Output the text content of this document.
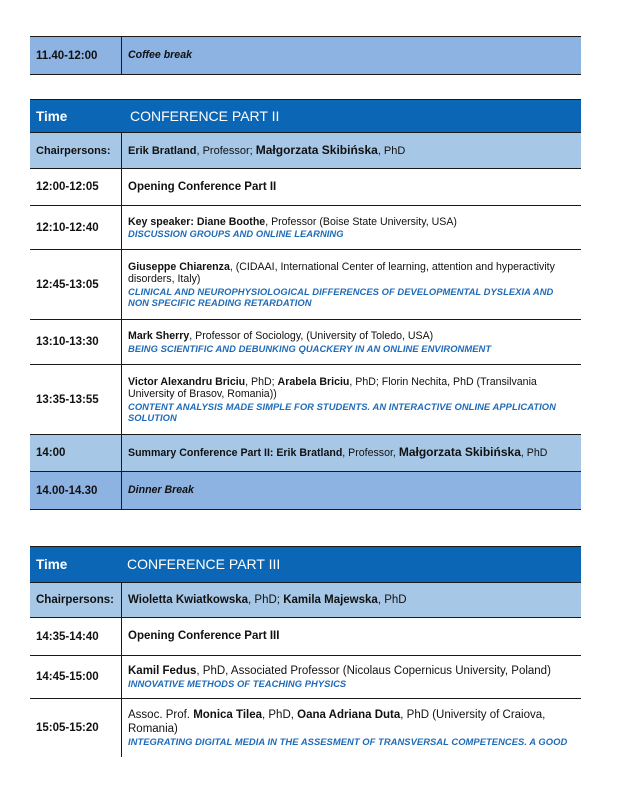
11.40-12:00	Coffee break
Time	CONFERENCE PART II
Chairpersons:	Erik Bratland, Professor; Małgorzata Skibińska, PhD
12:00-12:05	Opening Conference Part II
12:10-12:40	Key speaker: Diane Boothe, Professor (Boise State University, USA)
DISCUSSION GROUPS AND ONLINE LEARNING

12:45-13:05	Giuseppe Chiarenza, (CIDAAI, International Center of learning, attention and hyperactivity disorders, Italy)
CLINICAL AND NEUROPHYSIOLOGICAL DIFFERENCES OF DEVELOPMENTAL DYSLEXIA AND NON SPECIFIC READING RETARDATION

13:10-13:30	Mark Sherry, Professor of Sociology, (University of Toledo, USA)
BEING SCIENTIFIC AND DEBUNKING QUACKERY IN AN ONLINE ENVIRONMENT

13:35-13:55	Victor Alexandru Briciu, PhD; Arabela Briciu, PhD; Florin Nechita, PhD (Transilvania University of Brasov, Romania))
CONTENT ANALYSIS MADE SIMPLE FOR STUDENTS. AN INTERACTIVE ONLINE APPLICATION SOLUTION

14:00	Summary Conference Part II: Erik Bratland, Professor, Małgorzata Skibińska, PhD
14.00-14.30	Dinner Break
Time	CONFERENCE PART III
Chairpersons:	Wioletta Kwiatkowska, PhD; Kamila Majewska, PhD
14:35-14:40	Opening Conference Part III
14:45-15:00	Kamil Fedus, PhD, Associated Professor (Nicolaus Copernicus University, Poland)
INNOVATIVE METHODS OF TEACHING PHYSICS

15:05-15:20	Assoc. Prof. Monica Tilea, PhD, Oana Adriana Duta, PhD (University of Craiova, Romania)
INTEGRATING DIGITAL MEDIA IN THE ASSESMENT OF TRANSVERSAL COMPETENCES. A GOOD
